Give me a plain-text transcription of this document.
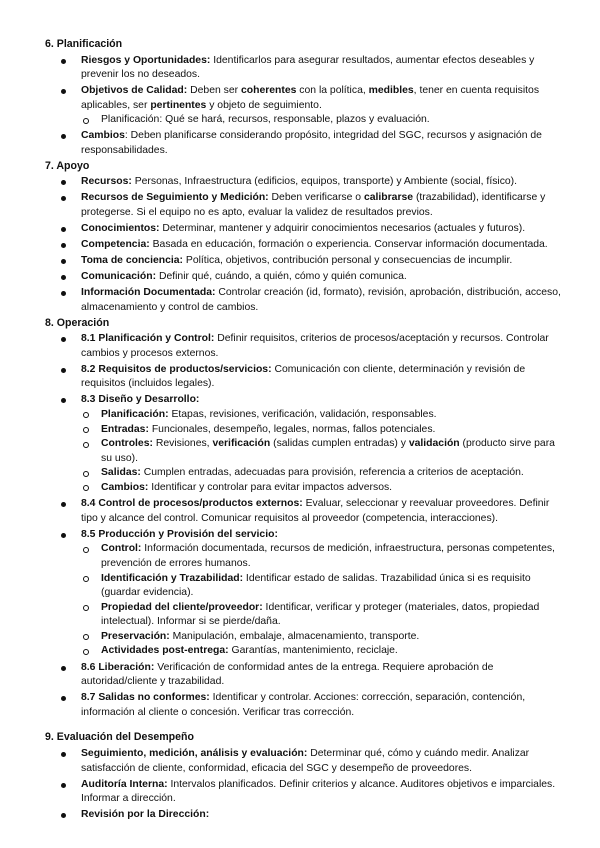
6. Planificación
Riesgos y Oportunidades: Identificarlos para asegurar resultados, aumentar efectos deseables y prevenir los no deseados.
Objetivos de Calidad: Deben ser coherentes con la política, medibles, tener en cuenta requisitos aplicables, ser pertinentes y objeto de seguimiento.
Planificación: Qué se hará, recursos, responsable, plazos y evaluación.
Cambios: Deben planificarse considerando propósito, integridad del SGC, recursos y asignación de responsabilidades.
7. Apoyo
Recursos: Personas, Infraestructura (edificios, equipos, transporte) y Ambiente (social, físico).
Recursos de Seguimiento y Medición: Deben verificarse o calibrarse (trazabilidad), identificarse y protegerse. Si el equipo no es apto, evaluar la validez de resultados previos.
Conocimientos: Determinar, mantener y adquirir conocimientos necesarios (actuales y futuros).
Competencia: Basada en educación, formación o experiencia. Conservar información documentada.
Toma de conciencia: Política, objetivos, contribución personal y consecuencias de incumplir.
Comunicación: Definir qué, cuándo, a quién, cómo y quién comunica.
Información Documentada: Controlar creación (id, formato), revisión, aprobación, distribución, acceso, almacenamiento y control de cambios.
8. Operación
8.1 Planificación y Control: Definir requisitos, criterios de procesos/aceptación y recursos. Controlar cambios y procesos externos.
8.2 Requisitos de productos/servicios: Comunicación con cliente, determinación y revisión de requisitos (incluidos legales).
8.3 Diseño y Desarrollo:
Planificación: Etapas, revisiones, verificación, validación, responsables.
Entradas: Funcionales, desempeño, legales, normas, fallos potenciales.
Controles: Revisiones, verificación (salidas cumplen entradas) y validación (producto sirve para su uso).
Salidas: Cumplen entradas, adecuadas para provisión, referencia a criterios de aceptación.
Cambios: Identificar y controlar para evitar impactos adversos.
8.4 Control de procesos/productos externos: Evaluar, seleccionar y reevaluar proveedores. Definir tipo y alcance del control. Comunicar requisitos al proveedor (competencia, interacciones).
8.5 Producción y Provisión del servicio:
Control: Información documentada, recursos de medición, infraestructura, personas competentes, prevención de errores humanos.
Identificación y Trazabilidad: Identificar estado de salidas. Trazabilidad única si es requisito (guardar evidencia).
Propiedad del cliente/proveedor: Identificar, verificar y proteger (materiales, datos, propiedad intelectual). Informar si se pierde/daña.
Preservación: Manipulación, embalaje, almacenamiento, transporte.
Actividades post-entrega: Garantías, mantenimiento, reciclaje.
8.6 Liberación: Verificación de conformidad antes de la entrega. Requiere aprobación de autoridad/cliente y trazabilidad.
8.7 Salidas no conformes: Identificar y controlar. Acciones: corrección, separación, contención, información al cliente o concesión. Verificar tras corrección.
9. Evaluación del Desempeño
Seguimiento, medición, análisis y evaluación: Determinar qué, cómo y cuándo medir. Analizar satisfacción de cliente, conformidad, eficacia del SGC y desempeño de proveedores.
Auditoría Interna: Intervalos planificados. Definir criterios y alcance. Auditores objetivos e imparciales. Informar a dirección.
Revisión por la Dirección:
